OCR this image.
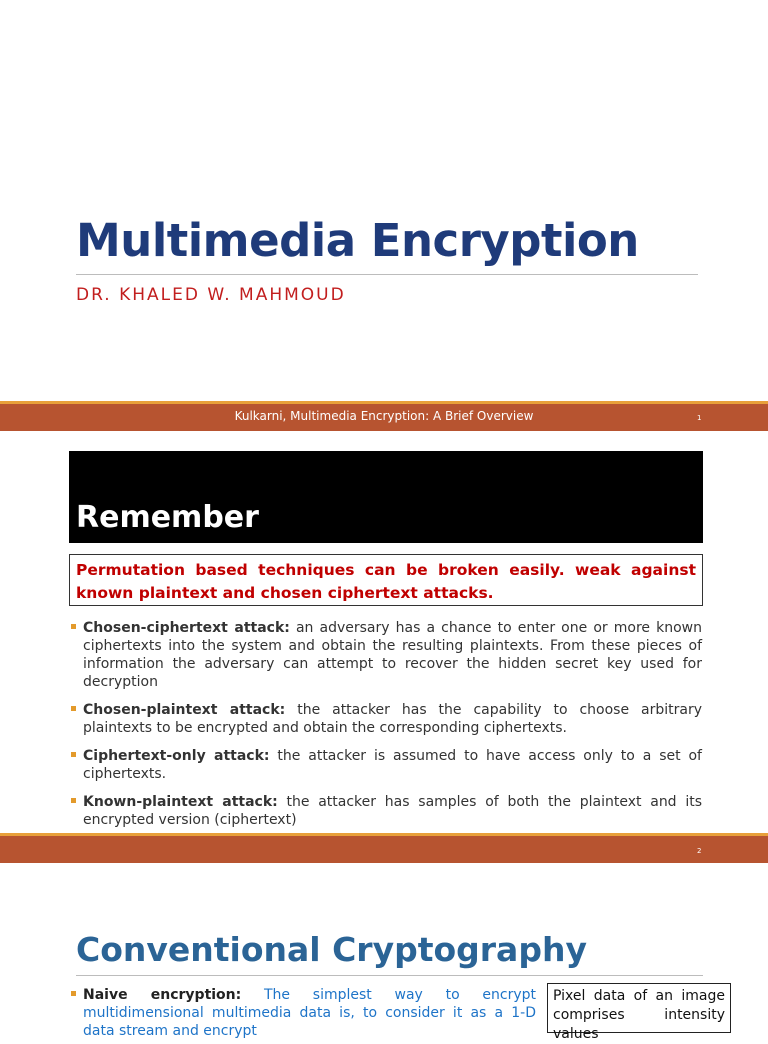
Multimedia Encryption
DR. KHALED W. MAHMOUD
Kulkarni, Multimedia Encryption: A Brief Overview	1
Remember
Permutation based techniques can be broken easily. weak against known plaintext and chosen ciphertext attacks.
Chosen-ciphertext attack: an adversary has a chance to enter one or more known ciphertexts into the system and obtain the resulting plaintexts. From these pieces of information the adversary can attempt to recover the hidden secret key used for decryption
Chosen-plaintext attack: the attacker has the capability to choose arbitrary plaintexts to be encrypted and obtain the corresponding ciphertexts.
Ciphertext-only attack: the attacker is assumed to have access only to a set of ciphertexts.
Known-plaintext attack: the attacker has samples of both the plaintext and its encrypted version (ciphertext)
2
Conventional Cryptography
Naive encryption: The simplest way to encrypt multidimensional multimedia data is, to consider it as a 1-D data stream and encrypt
Pixel data of an image comprises intensity values
